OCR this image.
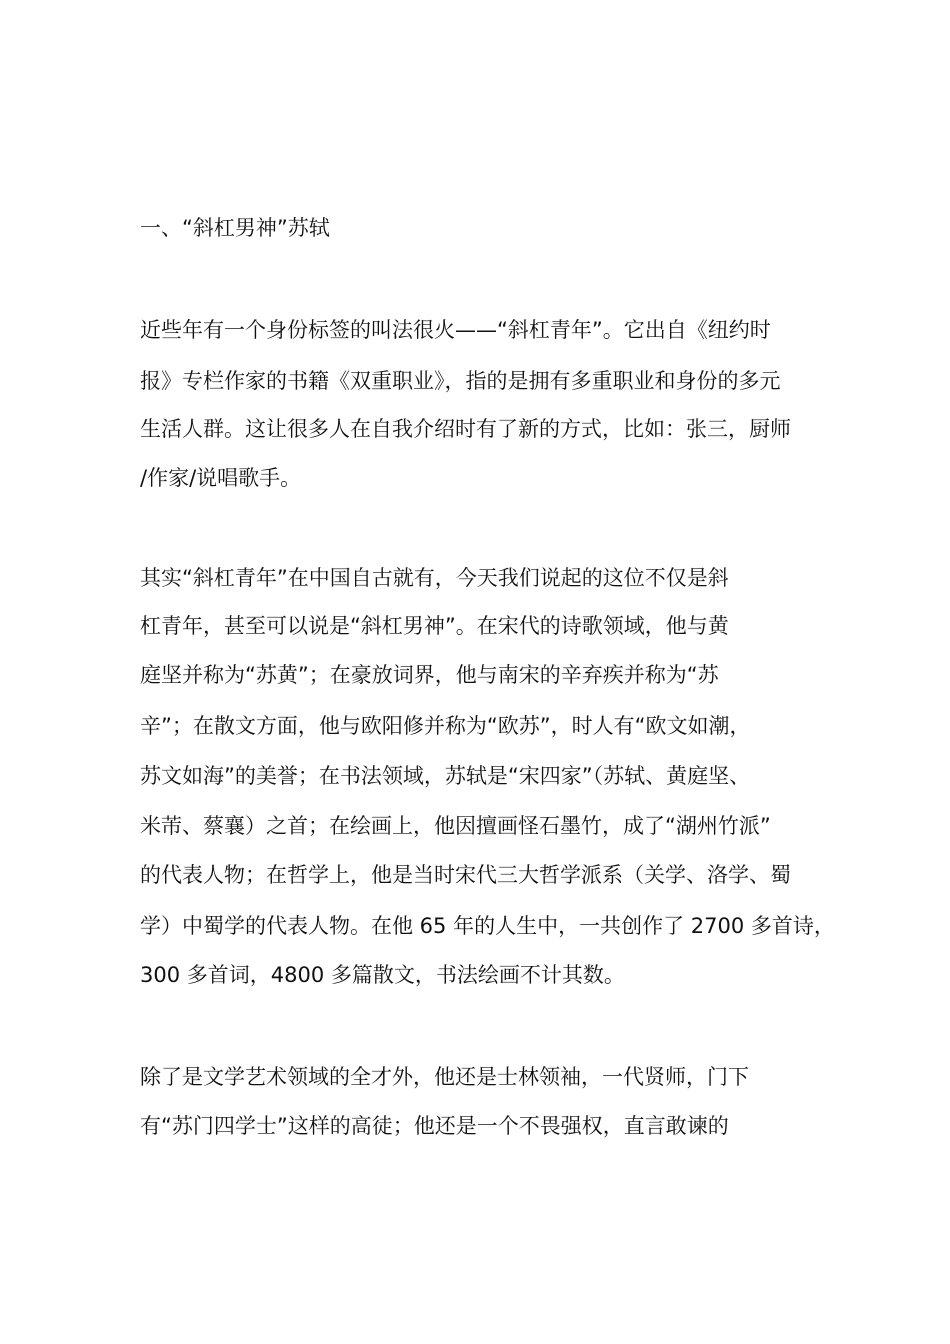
一、“斜杠男神”苏轼
近些年有一个身份标签的叫法很火——“斜杠青年”。它出自《纽约时
报》专栏作家的书籍《双重职业》，指的是拥有多重职业和身份的多元
生活人群。这让很多人在自我介绍时有了新的方式，比如：张三，厨师
/作家/说唱歌手。
其实“斜杠青年”在中国自古就有，今天我们说起的这位不仅是斜
杠青年，甚至可以说是“斜杠男神”。在宋代的诗歌领域，他与黄
庭坚并称为“苏黄”；在豪放词界，他与南宋的辛弃疾并称为“苏
辛”；在散文方面，他与欧阳修并称为“欧苏”，时人有“欧文如潮，
苏文如海”的美誉；在书法领域，苏轼是“宋四家”（苏轼、黄庭坚、
米芾、蔡襄）之首；在绘画上，他因擅画怪石墨竹，成了“湖州竹派”
的代表人物；在哲学上，他是当时宋代三大哲学派系（关学、洛学、蜀
学）中蜀学的代表人物。在他 65 年的人生中，一共创作了 2700 多首诗，
300 多首词，4800 多篇散文，书法绘画不计其数。
除了是文学艺术领域的全才外，他还是士林领袖，一代贤师，门下
有“苏门四学士”这样的高徒；他还是一个不畏强权，直言敢谏的
